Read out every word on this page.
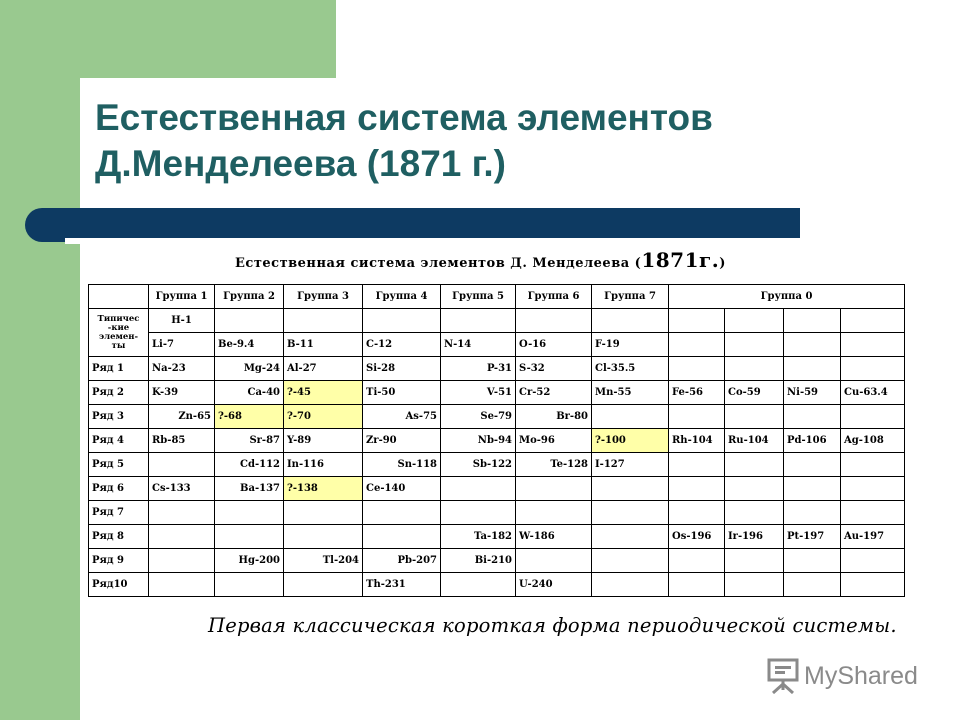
Естественная система элементов
Д.Менделеева (1871 г.)
Естественная система элементов Д. Менделеева (1871г.)
	Группа 1	Группа 2	Группа 3	Группа 4	Группа 5	Группа 6	Группа 7	Группа 0			
Типичес
-кие
элемен-
ты	H-1										
	Li-7	Be-9.4	B-11	C-12	N-14	O-16	F-19				
Ряд 1	Na-23	Mg-24	Al-27	Si-28	P-31	S-32	Cl-35.5				
Ряд 2	K-39	Ca-40	?-45	Ti-50	V-51	Cr-52	Mn-55	Fe-56	Co-59	Ni-59	Cu-63.4
Ряд 3	Zn-65	?-68	?-70	As-75	Se-79	Br-80					
Ряд 4	Rb-85	Sr-87	Y-89	Zr-90	Nb-94	Mo-96	?-100	Rh-104	Ru-104	Pd-106	Ag-108
Ряд 5		Cd-112	In-116	Sn-118	Sb-122	Te-128	I-127				
Ряд 6	Cs-133	Ba-137	?-138	Ce-140							
Ряд 7											
Ряд 8					Ta-182	W-186		Os-196	Ir-196	Pt-197	Au-197
Ряд 9		Hg-200	Tl-204	Pb-207	Bi-210						
Ряд10				Th-231		U-240					
Первая классическая короткая форма периодической системы.
MyShared
